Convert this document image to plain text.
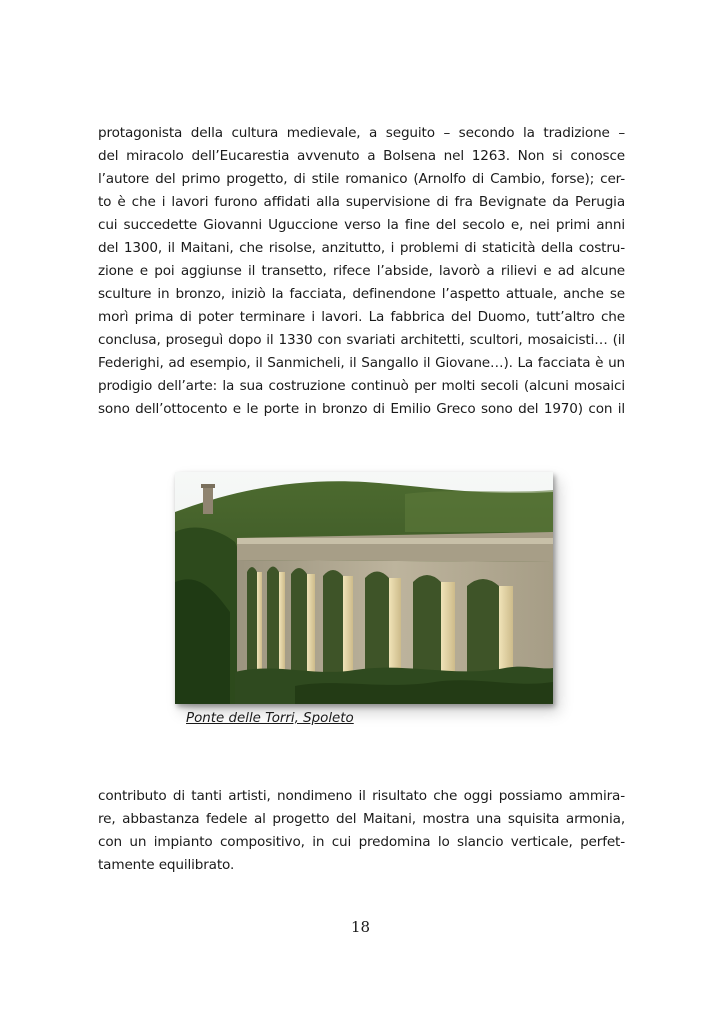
protagonista della cultura medievale, a seguito – secondo la tradizione –
del miracolo dell’Eucarestia avvenuto a Bolsena nel 1263. Non si conosce
l’autore del primo progetto, di stile romanico (Arnolfo di Cambio, forse); cer-
to è che i lavori furono affidati alla supervisione di fra Bevignate da Perugia
cui succedette Giovanni Uguccione verso la fine del secolo e, nei primi anni
del 1300, il Maitani, che risolse, anzitutto, i problemi di staticità della costru-
zione e poi aggiunse il transetto, rifece l’abside, lavorò a rilievi e ad alcune
sculture in bronzo, iniziò la facciata, definendone l’aspetto attuale, anche se
morì prima di poter terminare i lavori. La fabbrica del Duomo, tutt’altro che
conclusa, proseguì dopo il 1330 con svariati architetti, scultori, mosaicisti… (il
Federighi, ad esempio, il Sanmicheli, il Sangallo il Giovane…). La facciata è un
prodigio dell’arte: la sua costruzione continuò per molti secoli (alcuni mosaici
sono dell’ottocento e le porte in bronzo di Emilio Greco sono del 1970) con il
Ponte delle Torri, Spoleto
contributo di tanti artisti, nondimeno il risultato che oggi possiamo ammira-
re, abbastanza fedele al progetto del Maitani, mostra una squisita armonia,
con un impianto compositivo, in cui predomina lo slancio verticale, perfet-
tamente equilibrato.
18
